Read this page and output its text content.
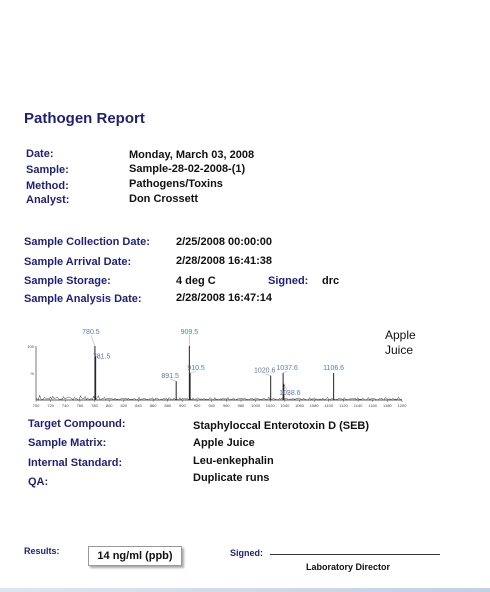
Pathogen Report
Date:	Monday, March 03, 2008
Sample:	Sample-28-02-2008-(1)
Method:	Pathogens/Toxins
Analyst:	Don Crossett
Sample Collection Date: 2/25/2008 00:00:00
Sample Arrival Date:	2/28/2008 16:41:38
Sample Storage:	4 deg C	Signed: drc
Sample Analysis Date:	2/28/2008 16:47:14
100
%
700 720 740 760 780 800 820 840 860 880 900 920 940 960 980 1000 1020 1040 1060 1080 1100 1120 1140 1160 1180 1200
780.5
781.5
891.5
909.5
910.5	1020.6 1037.6
1038.6
1106.6
Apple
Juice
Target Compound:	Staphyloccal Enterotoxin D (SEB)
Sample Matrix:	Apple Juice
Internal Standard:	Leu-enkephalin
QA:	Duplicate runs
Results:	14 ng/ml (ppb)	Signed:
Laboratory Director
